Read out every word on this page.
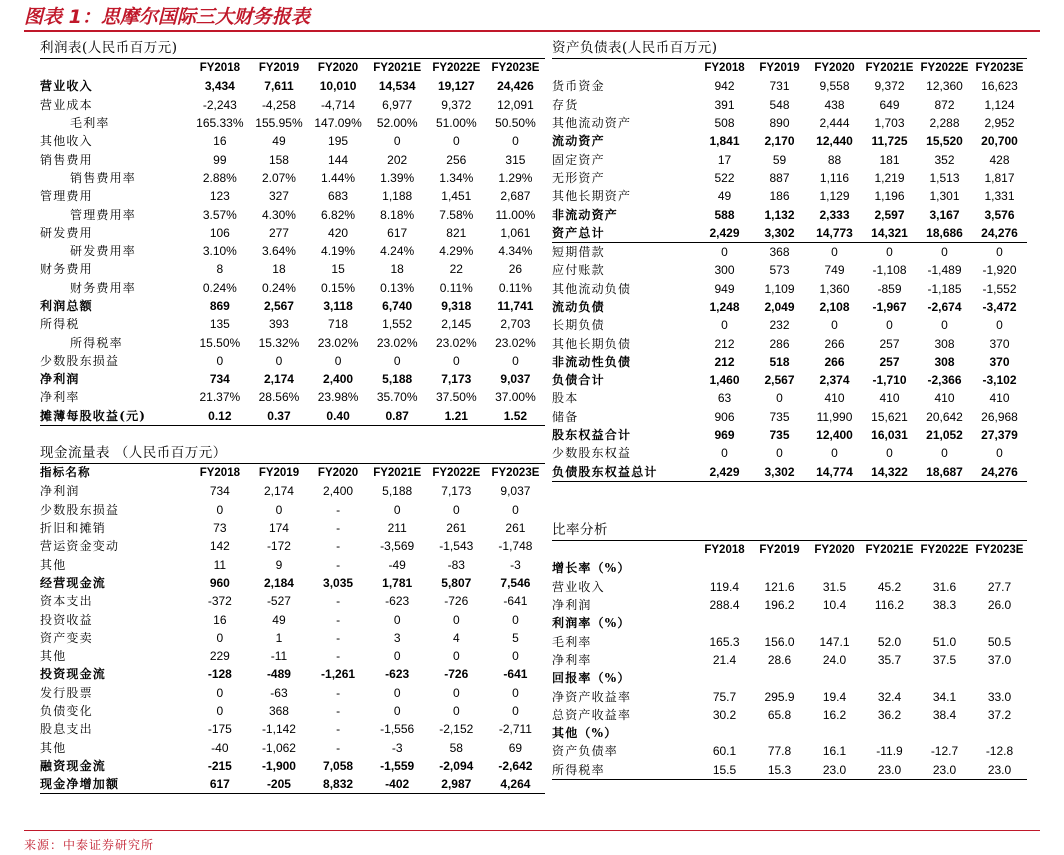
图表 1：思摩尔国际三大财务报表
利润表(人民币百万元)
	FY2018	FY2019	FY2020	FY2021E	FY2022E	FY2023E
营业收入	3,434	7,611	10,010	14,534	19,127	24,426
营业成本	-2,243	-4,258	-4,714	6,977	9,372	12,091
毛利率	165.33%	155.95%	147.09%	52.00%	51.00%	50.50%
其他收入	16	49	195	0	0	0
销售费用	99	158	144	202	256	315
销售费用率	2.88%	2.07%	1.44%	1.39%	1.34%	1.29%
管理费用	123	327	683	1,188	1,451	2,687
管理费用率	3.57%	4.30%	6.82%	8.18%	7.58%	11.00%
研发费用	106	277	420	617	821	1,061
研发费用率	3.10%	3.64%	4.19%	4.24%	4.29%	4.34%
财务费用	8	18	15	18	22	26
财务费用率	0.24%	0.24%	0.15%	0.13%	0.11%	0.11%
利润总额	869	2,567	3,118	6,740	9,318	11,741
所得税	135	393	718	1,552	2,145	2,703
所得税率	15.50%	15.32%	23.02%	23.02%	23.02%	23.02%
少数股东损益	0	0	0	0	0	0
净利润	734	2,174	2,400	5,188	7,173	9,037
净利率	21.37%	28.56%	23.98%	35.70%	37.50%	37.00%
摊薄每股收益(元)	0.12	0.37	0.40	0.87	1.21	1.52
现金流量表 （人民币百万元）
指标名称	FY2018	FY2019	FY2020	FY2021E	FY2022E	FY2023E
净利润	734	2,174	2,400	5,188	7,173	9,037
少数股东损益	0	0	-	0	0	0
折旧和摊销	73	174	-	211	261	261
营运资金变动	142	-172	-	-3,569	-1,543	-1,748
其他	11	9	-	-49	-83	-3
经营现金流	960	2,184	3,035	1,781	5,807	7,546
资本支出	-372	-527	-	-623	-726	-641
投资收益	16	49	-	0	0	0
资产变卖	0	1	-	3	4	5
其他	229	-11	-	0	0	0
投资现金流	-128	-489	-1,261	-623	-726	-641
发行股票	0	-63	-	0	0	0
负债变化	0	368	-	0	0	0
股息支出	-175	-1,142	-	-1,556	-2,152	-2,711
其他	-40	-1,062	-	-3	58	69
融资现金流	-215	-1,900	7,058	-1,559	-2,094	-2,642
现金净增加额	617	-205	8,832	-402	2,987	4,264
资产负债表(人民币百万元)
	FY2018	FY2019	FY2020	FY2021E	FY2022E	FY2023E
货币资金	942	731	9,558	9,372	12,360	16,623
存货	391	548	438	649	872	1,124
其他流动资产	508	890	2,444	1,703	2,288	2,952
流动资产	1,841	2,170	12,440	11,725	15,520	20,700
固定资产	17	59	88	181	352	428
无形资产	522	887	1,116	1,219	1,513	1,817
其他长期资产	49	186	1,129	1,196	1,301	1,331
非流动资产	588	1,132	2,333	2,597	3,167	3,576
资产总计	2,429	3,302	14,773	14,321	18,686	24,276
短期借款	0	368	0	0	0	0
应付账款	300	573	749	-1,108	-1,489	-1,920
其他流动负债	949	1,109	1,360	-859	-1,185	-1,552
流动负债	1,248	2,049	2,108	-1,967	-2,674	-3,472
长期负债	0	232	0	0	0	0
其他长期负债	212	286	266	257	308	370
非流动性负债	212	518	266	257	308	370
负债合计	1,460	2,567	2,374	-1,710	-2,366	-3,102
股本	63	0	410	410	410	410
储备	906	735	11,990	15,621	20,642	26,968
股东权益合计	969	735	12,400	16,031	21,052	27,379
少数股东权益	0	0	0	0	0	0
负债股东权益总计	2,429	3,302	14,774	14,322	18,687	24,276
比率分析
	FY2018	FY2019	FY2020	FY2021E	FY2022E	FY2023E
增长率（%）						
营业收入	119.4	121.6	31.5	45.2	31.6	27.7
净利润	288.4	196.2	10.4	116.2	38.3	26.0
利润率（%）						
毛利率	165.3	156.0	147.1	52.0	51.0	50.5
净利率	21.4	28.6	24.0	35.7	37.5	37.0
回报率（%）						
净资产收益率	75.7	295.9	19.4	32.4	34.1	33.0
总资产收益率	30.2	65.8	16.2	36.2	38.4	37.2
其他（%）						
资产负债率	60.1	77.8	16.1	-11.9	-12.7	-12.8
所得税率	15.5	15.3	23.0	23.0	23.0	23.0
来源：中泰证券研究所
